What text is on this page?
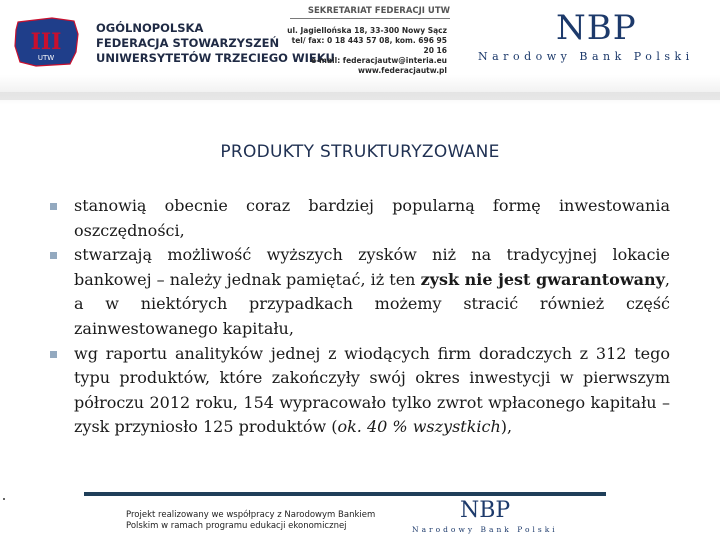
III
UTW
OGÓLNOPOLSKA
FEDERACJA STOWARZYSZEŃ
UNIWERSYTETÓW TRZECIEGO WIEKU
SEKRETARIAT FEDERACJI UTW
ul. Jagiellońska 18, 33-300 Nowy Sącz
tel/ fax: 0 18 443 57 08, kom. 696 95 20 16
e-mail: federacjautw@interia.eu
www.federacjautw.pl
NBP
Narodowy Bank Polski
PRODUKTY STRUKTURYZOWANE
stanowią obecnie coraz bardziej popularną formę inwestowania oszczędności,
stwarzają możliwość wyższych zysków niż na tradycyjnej lokacie bankowej – należy jednak pamiętać, iż ten zysk nie jest gwarantowany, a w niektórych przypadkach możemy stracić również część zainwestowanego kapitału,
wg raportu analityków jednej z wiodących firm doradczych z 312 tego typu produktów, które zakończyły swój okres inwestycji w pierwszym półroczu 2012 roku, 154 wypracowało tylko zwrot wpłaconego kapitału – zysk przyniosło 125 produktów (ok. 40 % wszystkich),
Projekt realizowany we współpracy z Narodowym Bankiem
Polskim w ramach programu edukacji ekonomicznej
NBP
Narodowy Bank Polski
